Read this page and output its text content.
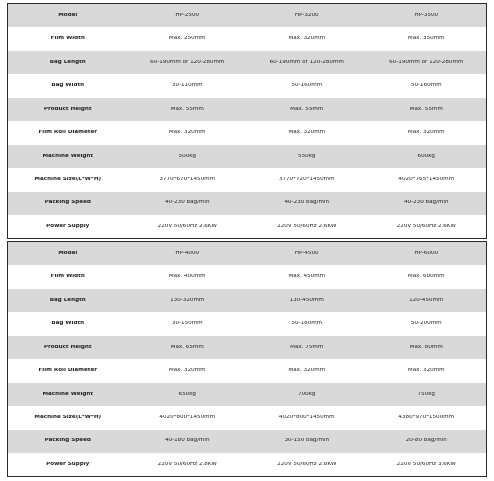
Model	HP-2500	HP-3200	HP-3500
Film Width	Max. 250mm	Max. 320mm	Max. 350mm
Bag Length	60-190mm or 120-280mm	60-190mm or 120-280mm	60-190mm or 120-280mm
Bag Width	30-110mm	50-160mm	50-160mm
Product Height	Max. 55mm	Max. 55mm	Max. 55mm
Film Roll Diameter	Max. 320mm	Max. 320mm	Max. 320mm
Machine Weight	500kg	550kg	600kg
Machine Size(L*W*H)	3770*670*1450mm	3770*720*1450mm	4020*765*1450mm
Packing Speed	40-230 bag/min	40-230 bag/min	40-230 bag/min
Power Supply	220V 50/60Hz 2.6KW	220V 50/60Hz 2.6KW	220V 50/60Hz 2.6KW
Model	HP-4000	HP-4500	HP-6000
Film Width	Max. 400mm	Max. 450mm	Max. 600mm
Bag Length	130-320mm	130-450mm	120-450mm
Bag Width	30-150mm	50-180mm	50-200mm
Product Height	Max. 65mm	Max. 75mm	Max. 80mm
Film Roll Diameter	Max. 320mm	Max. 320mm	Max. 320mm
Machine Weight	650kg	700kg	750kg
Machine Size(L*W*H)	4020*800*1450mm	4020*800*1450mm	4380*970*1500mm
Packing Speed	40-180 bag/min	30-150 bag/min	20-80 bag/min
Power Supply	220V 50/60Hz 2.8KW	220V 50/60Hz 2.8KW	220V 50/60Hz 3.6KW
